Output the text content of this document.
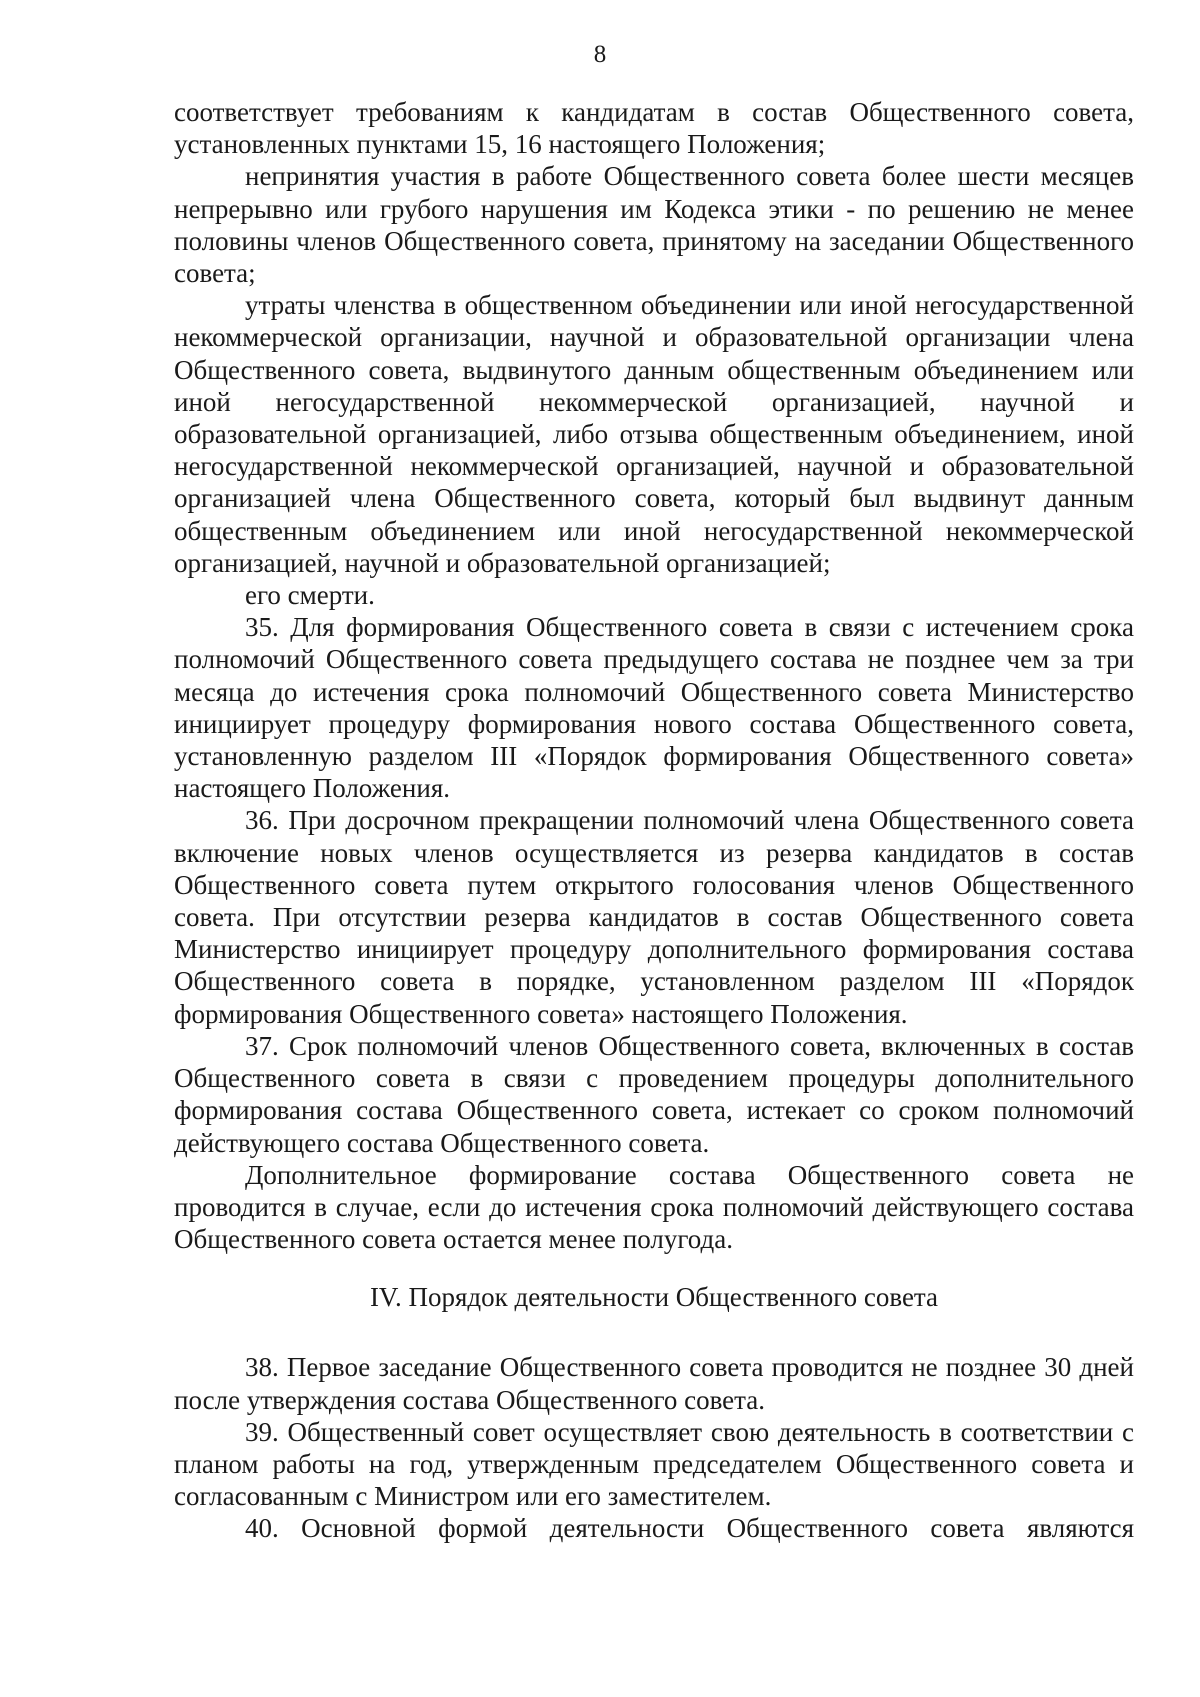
8

соответствует требованиям к кандидатам в состав Общественного совета, установленных пунктами 15, 16 настоящего Положения;

непринятия участия в работе Общественного совета более шести месяцев непрерывно или грубого нарушения им Кодекса этики - по решению не менее половины членов Общественного совета, принятому на заседании Общественного совета;

утраты членства в общественном объединении или иной негосударственной некоммерческой организации, научной и образовательной организации члена Общественного совета, выдвинутого данным общественным объединением или иной негосударственной некоммерческой организацией, научной и образовательной организацией, либо отзыва общественным объединением, иной негосударственной некоммерческой организацией, научной и образовательной организацией члена Общественного совета, который был выдвинут данным общественным объединением или иной негосударственной некоммерческой организацией, научной и образовательной организацией;

его смерти.

35. Для формирования Общественного совета в связи с истечением срока полномочий Общественного совета предыдущего состава не позднее чем за три месяца до истечения срока полномочий Общественного совета Министерство инициирует процедуру формирования нового состава Общественного совета, установленную разделом III «Порядок формирования Общественного совета» настоящего Положения.

36. При досрочном прекращении полномочий члена Общественного совета включение новых членов осуществляется из резерва кандидатов в состав Общественного совета путем открытого голосования членов Общественного совета. При отсутствии резерва кандидатов в состав Общественного совета Министерство инициирует процедуру дополнительного формирования состава Общественного совета в порядке, установленном разделом III «Порядок формирования Общественного совета» настоящего Положения.

37. Срок полномочий членов Общественного совета, включенных в состав Общественного совета в связи с проведением процедуры дополнительного формирования состава Общественного совета, истекает со сроком полномочий действующего состава Общественного совета.

Дополнительное формирование состава Общественного совета не проводится в случае, если до истечения срока полномочий действующего состава Общественного совета остается менее полугода.

IV. Порядок деятельности Общественного совета

38. Первое заседание Общественного совета проводится не позднее 30 дней после утверждения состава Общественного совета.

39. Общественный совет осуществляет свою деятельность в соответствии с планом работы на год, утвержденным председателем Общественного совета и согласованным с Министром или его заместителем.

40. Основной формой деятельности Общественного совета являются
